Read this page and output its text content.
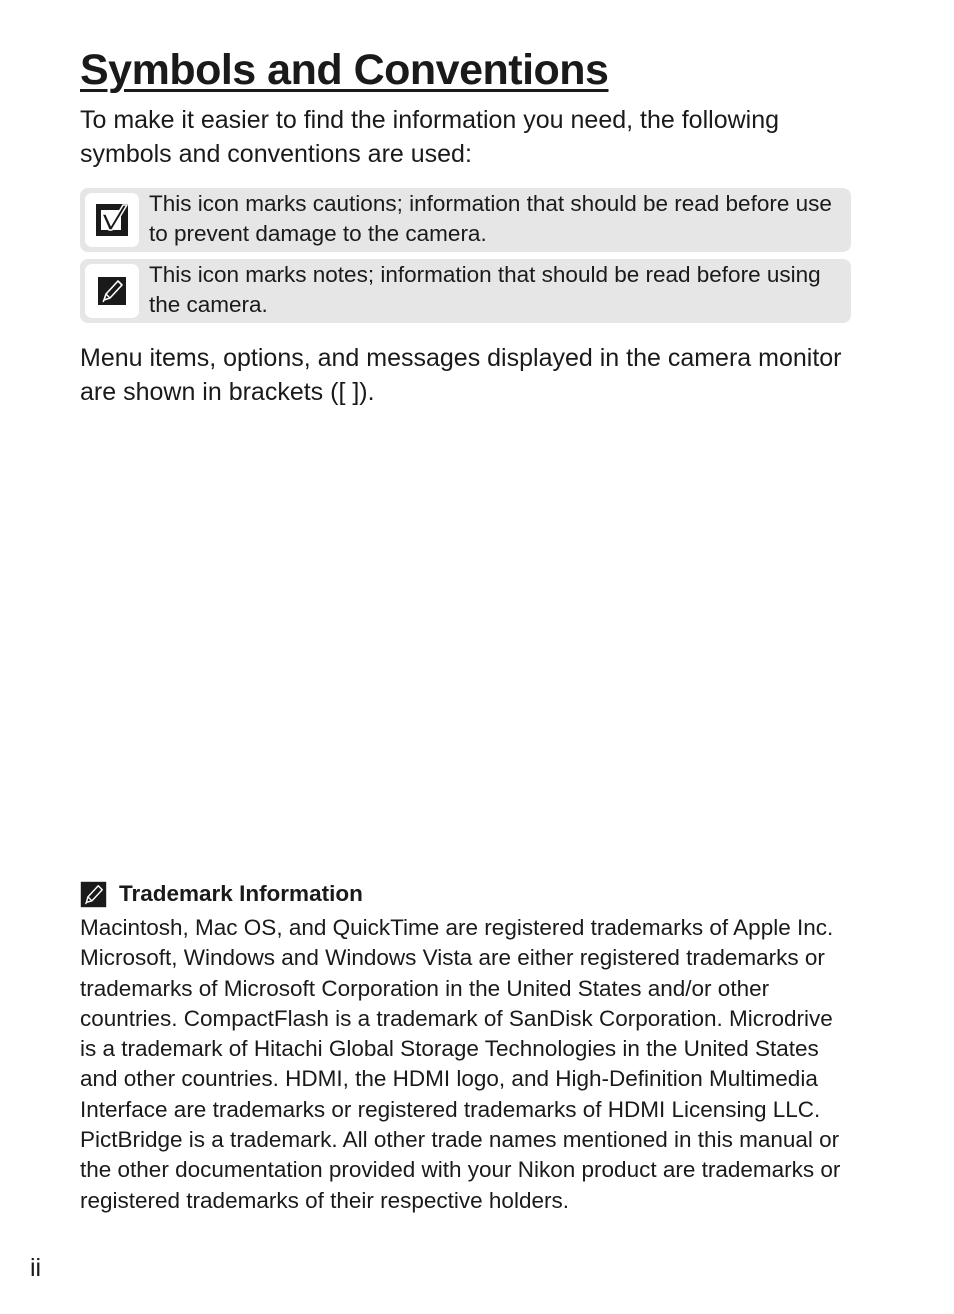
Symbols and Conventions

To make it easier to find the information you need, the following symbols and conventions are used:

This icon marks cautions; information that should be read before use to prevent damage to the camera.

This icon marks notes; information that should be read before using the camera.

Menu items, options, and messages displayed in the camera monitor are shown in brackets ([ ]).

Trademark Information

Macintosh, Mac OS, and QuickTime are registered trademarks of Apple Inc. Microsoft, Windows and Windows Vista are either registered trademarks or trademarks of Microsoft Corporation in the United States and/or other countries. CompactFlash is a trademark of SanDisk Corporation. Microdrive is a trademark of Hitachi Global Storage Technologies in the United States and other countries. HDMI, the HDMI logo, and High-Definition Multimedia Interface are trademarks or registered trademarks of HDMI Licensing LLC. PictBridge is a trademark. All other trade names mentioned in this manual or the other documentation provided with your Nikon product are trademarks or registered trademarks of their respective holders.

ii
